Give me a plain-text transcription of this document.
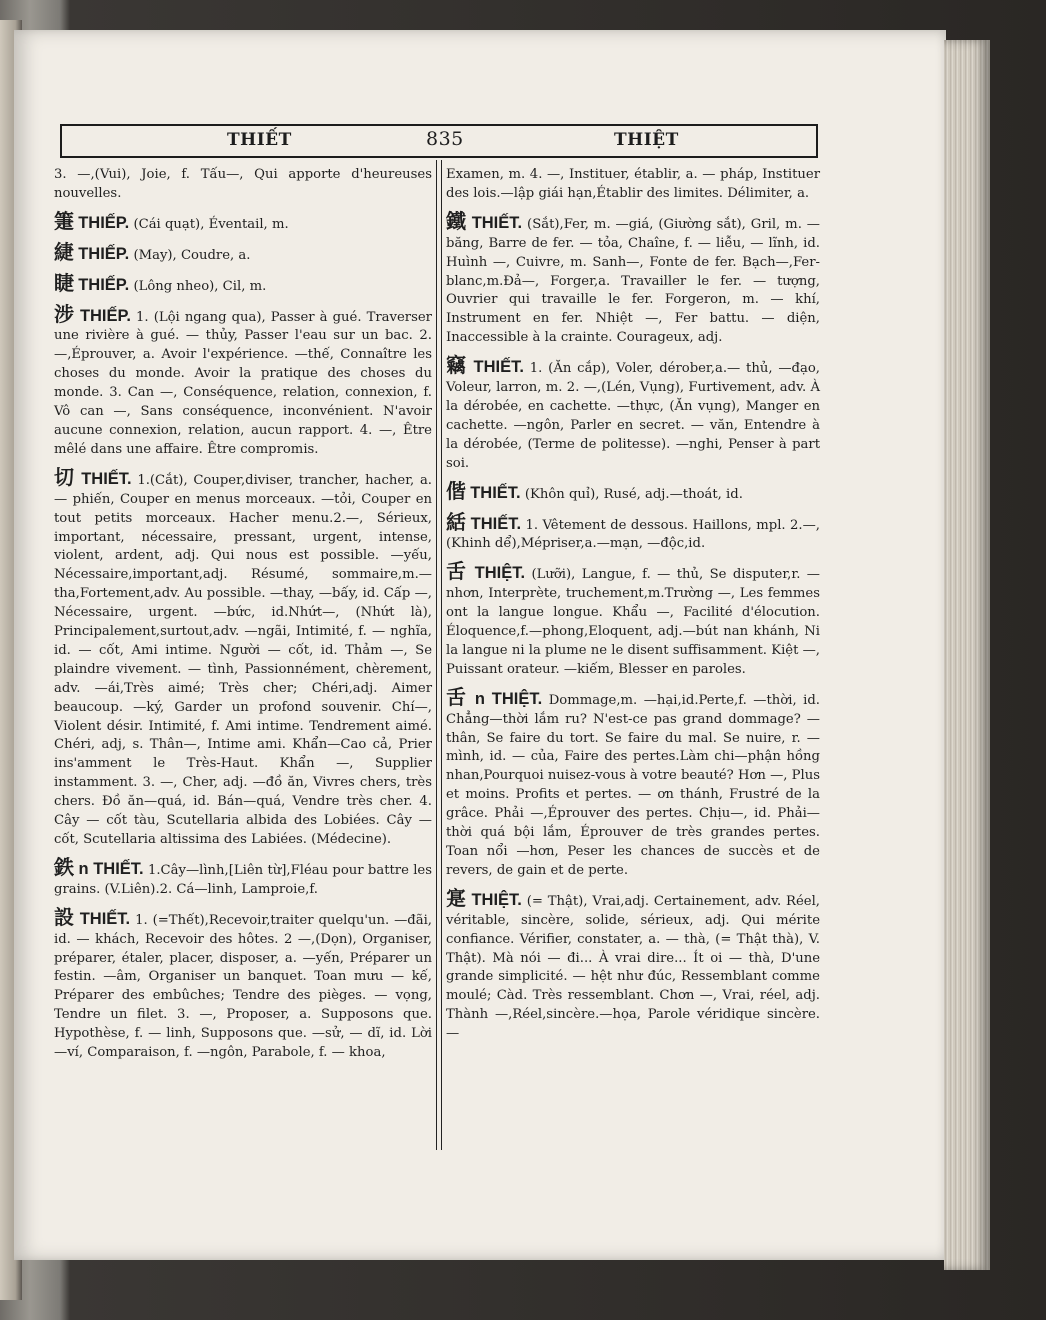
THIẾT	835	THIỆT

3. —,(Vui), Joie, f. Tấu—, Qui apporte d'heureuses nouvelles.

箑 THIẾP. (Cái quạt), Éventail, m.

緁 THIẾP. (May), Coudre, a.

睫 THIẾP. (Lông nheo), Cil, m.

涉 THIẾP. 1. (Lội ngang qua), Passer à gué. Traverser une rivière à gué. — thủy, Passer l'eau sur un bac. 2. —,Éprouver, a. Avoir l'expérience. —thế, Connaître les choses du monde. Avoir la pratique des choses du monde. 3. Can —, Conséquence, relation, connexion, f. Vô can —, Sans conséquence, inconvénient. N'avoir aucune connexion, relation, aucun rapport. 4. —, Être mêlé dans une affaire. Être compromis.

切 THIẾT. 1.(Cắt), Couper,diviser, trancher, hacher, a. — phiến, Couper en menus morceaux. —tỏi, Couper en tout petits morceaux. Hacher menu.2.—, Sérieux, important, nécessaire, pressant, urgent, intense, violent, ardent, adj. Qui nous est possible. —yếu, Nécessaire,important,adj. Résumé, sommaire,m.—tha,Fortement,adv. Au possible. —thay, —bấy, id. Cấp —, Nécessaire, urgent. —bức, id.Nhứt—, (Nhứt là), Principalement,surtout,adv. —ngãi, Intimité, f. — nghĩa, id. — cốt, Ami intime. Người — cốt, id. Thảm —, Se plaindre vivement. — tình, Passionnément, chèrement, adv. —ái,Très aimé; Très cher; Chéri,adj. Aimer beaucoup. —ký, Garder un profond souvenir. Chí—, Violent désir. Intimité, f. Ami intime. Tendrement aimé. Chéri, adj, s. Thân—, Intime ami. Khẩn—Cao cả, Prier ins'amment le Très-Haut. Khẩn —, Supplier instamment. 3. —, Cher, adj. —đồ ăn, Vivres chers, très chers. Đồ ăn—quá, id. Bán—quá, Vendre très cher. 4. Cây — cốt tàu, Scutellaria albida des Lobiées. Cây —cốt, Scutellaria altissima des Labiées. (Médecine).

鉄 n THIẾT. 1.Cây—lình,[Liên từ],Fléau pour battre les grains. (V.Liên).2. Cá—linh, Lamproie,f.

設 THIẾT. 1. (=Thết),Recevoir,traiter quelqu'un. —đãi, id. — khách, Recevoir des hôtes. 2 —,(Dọn), Organiser, préparer, étaler, placer, disposer, a. —yến, Préparer un festin. —âm, Organiser un banquet. Toan mưu — kế, Préparer des embûches; Tendre des pièges. — vọng, Tendre un filet. 3. —, Proposer, a. Supposons que. Hypothèse, f. — linh, Supposons que. —sử, — dĩ, id. Lời—ví, Comparaison, f. —ngôn, Parabole, f. — khoa,

Examen, m. 4. —, Instituer, établir, a. — pháp, Instituer des lois.—lập giái hạn,Établir des limites. Délimiter, a.

鐵 THIẾT. (Sắt),Fer, m. —giá, (Giường sắt), Gril, m. — băng, Barre de fer. — tỏa, Chaîne, f. — liễu, — lĩnh, id. Huình —, Cuivre, m. Sanh—, Fonte de fer. Bạch—,Fer-blanc,m.Đả—, Forger,a. Travailler le fer. — tượng, Ouvrier qui travaille le fer. Forgeron, m. — khí, Instrument en fer. Nhiệt —, Fer battu. — diện, Inaccessible à la crainte. Courageux, adj.

竊 THIẾT. 1. (Ăn cắp), Voler, dérober,a.— thủ, —đạo, Voleur, larron, m. 2. —,(Lén, Vụng), Furtivement, adv. À la dérobée, en cachette. —thực, (Ăn vụng), Manger en cachette. —ngôn, Parler en secret. — văn, Entendre à la dérobée, (Terme de politesse). —nghi, Penser à part soi.

偕 THIẾT. (Khôn quỉ), Rusé, adj.—thoát, id.

絬 THIẾT. 1. Vêtement de dessous. Haillons, mpl. 2.—,(Khinh dể),Mépriser,a.—mạn, —độc,id.

舌 THIỆT. (Lưỡi), Langue, f. — thủ, Se disputer,r. —nhơn, Interprète, truchement,m.Trường —, Les femmes ont la langue longue. Khẩu —, Facilité d'élocution. Éloquence,f.—phong,Eloquent, adj.—bút nan khánh, Ni la langue ni la plume ne le disent suffisamment. Kiệt —, Puissant orateur. —kiếm, Blesser en paroles.

舌 n THIỆT. Dommage,m. —hại,id.Perte,f. —thời, id. Chẳng—thời lắm ru? N'est-ce pas grand dommage? — thân, Se faire du tort. Se faire du mal. Se nuire, r. — mình, id. — của, Faire des pertes.Làm chi—phận hồng nhan,Pourquoi nuisez-vous à votre beauté? Hơn —, Plus et moins. Profits et pertes. — ơn thánh, Frustré de la grâce. Phải —,Éprouver des pertes. Chịu—, id. Phải—thời quá bội lắm, Éprouver de très grandes pertes. Toan nổi —hơn, Peser les chances de succès et de revers, de gain et de perte.

寔 THIỆT. (= Thật), Vrai,adj. Certainement, adv. Réel, véritable, sincère, solide, sérieux, adj. Qui mérite confiance. Vérifier, constater, a. — thà, (= Thật thà), V. Thật). Mà nói — đi... À vrai dire... Ít oi — thà, D'une grande simplicité. — hệt như đúc, Ressemblant comme moulé; Càd. Très ressemblant. Chơn —, Vrai, réel, adj. Thành —,Réel,sincère.—họa, Parole véridique sincère.—
